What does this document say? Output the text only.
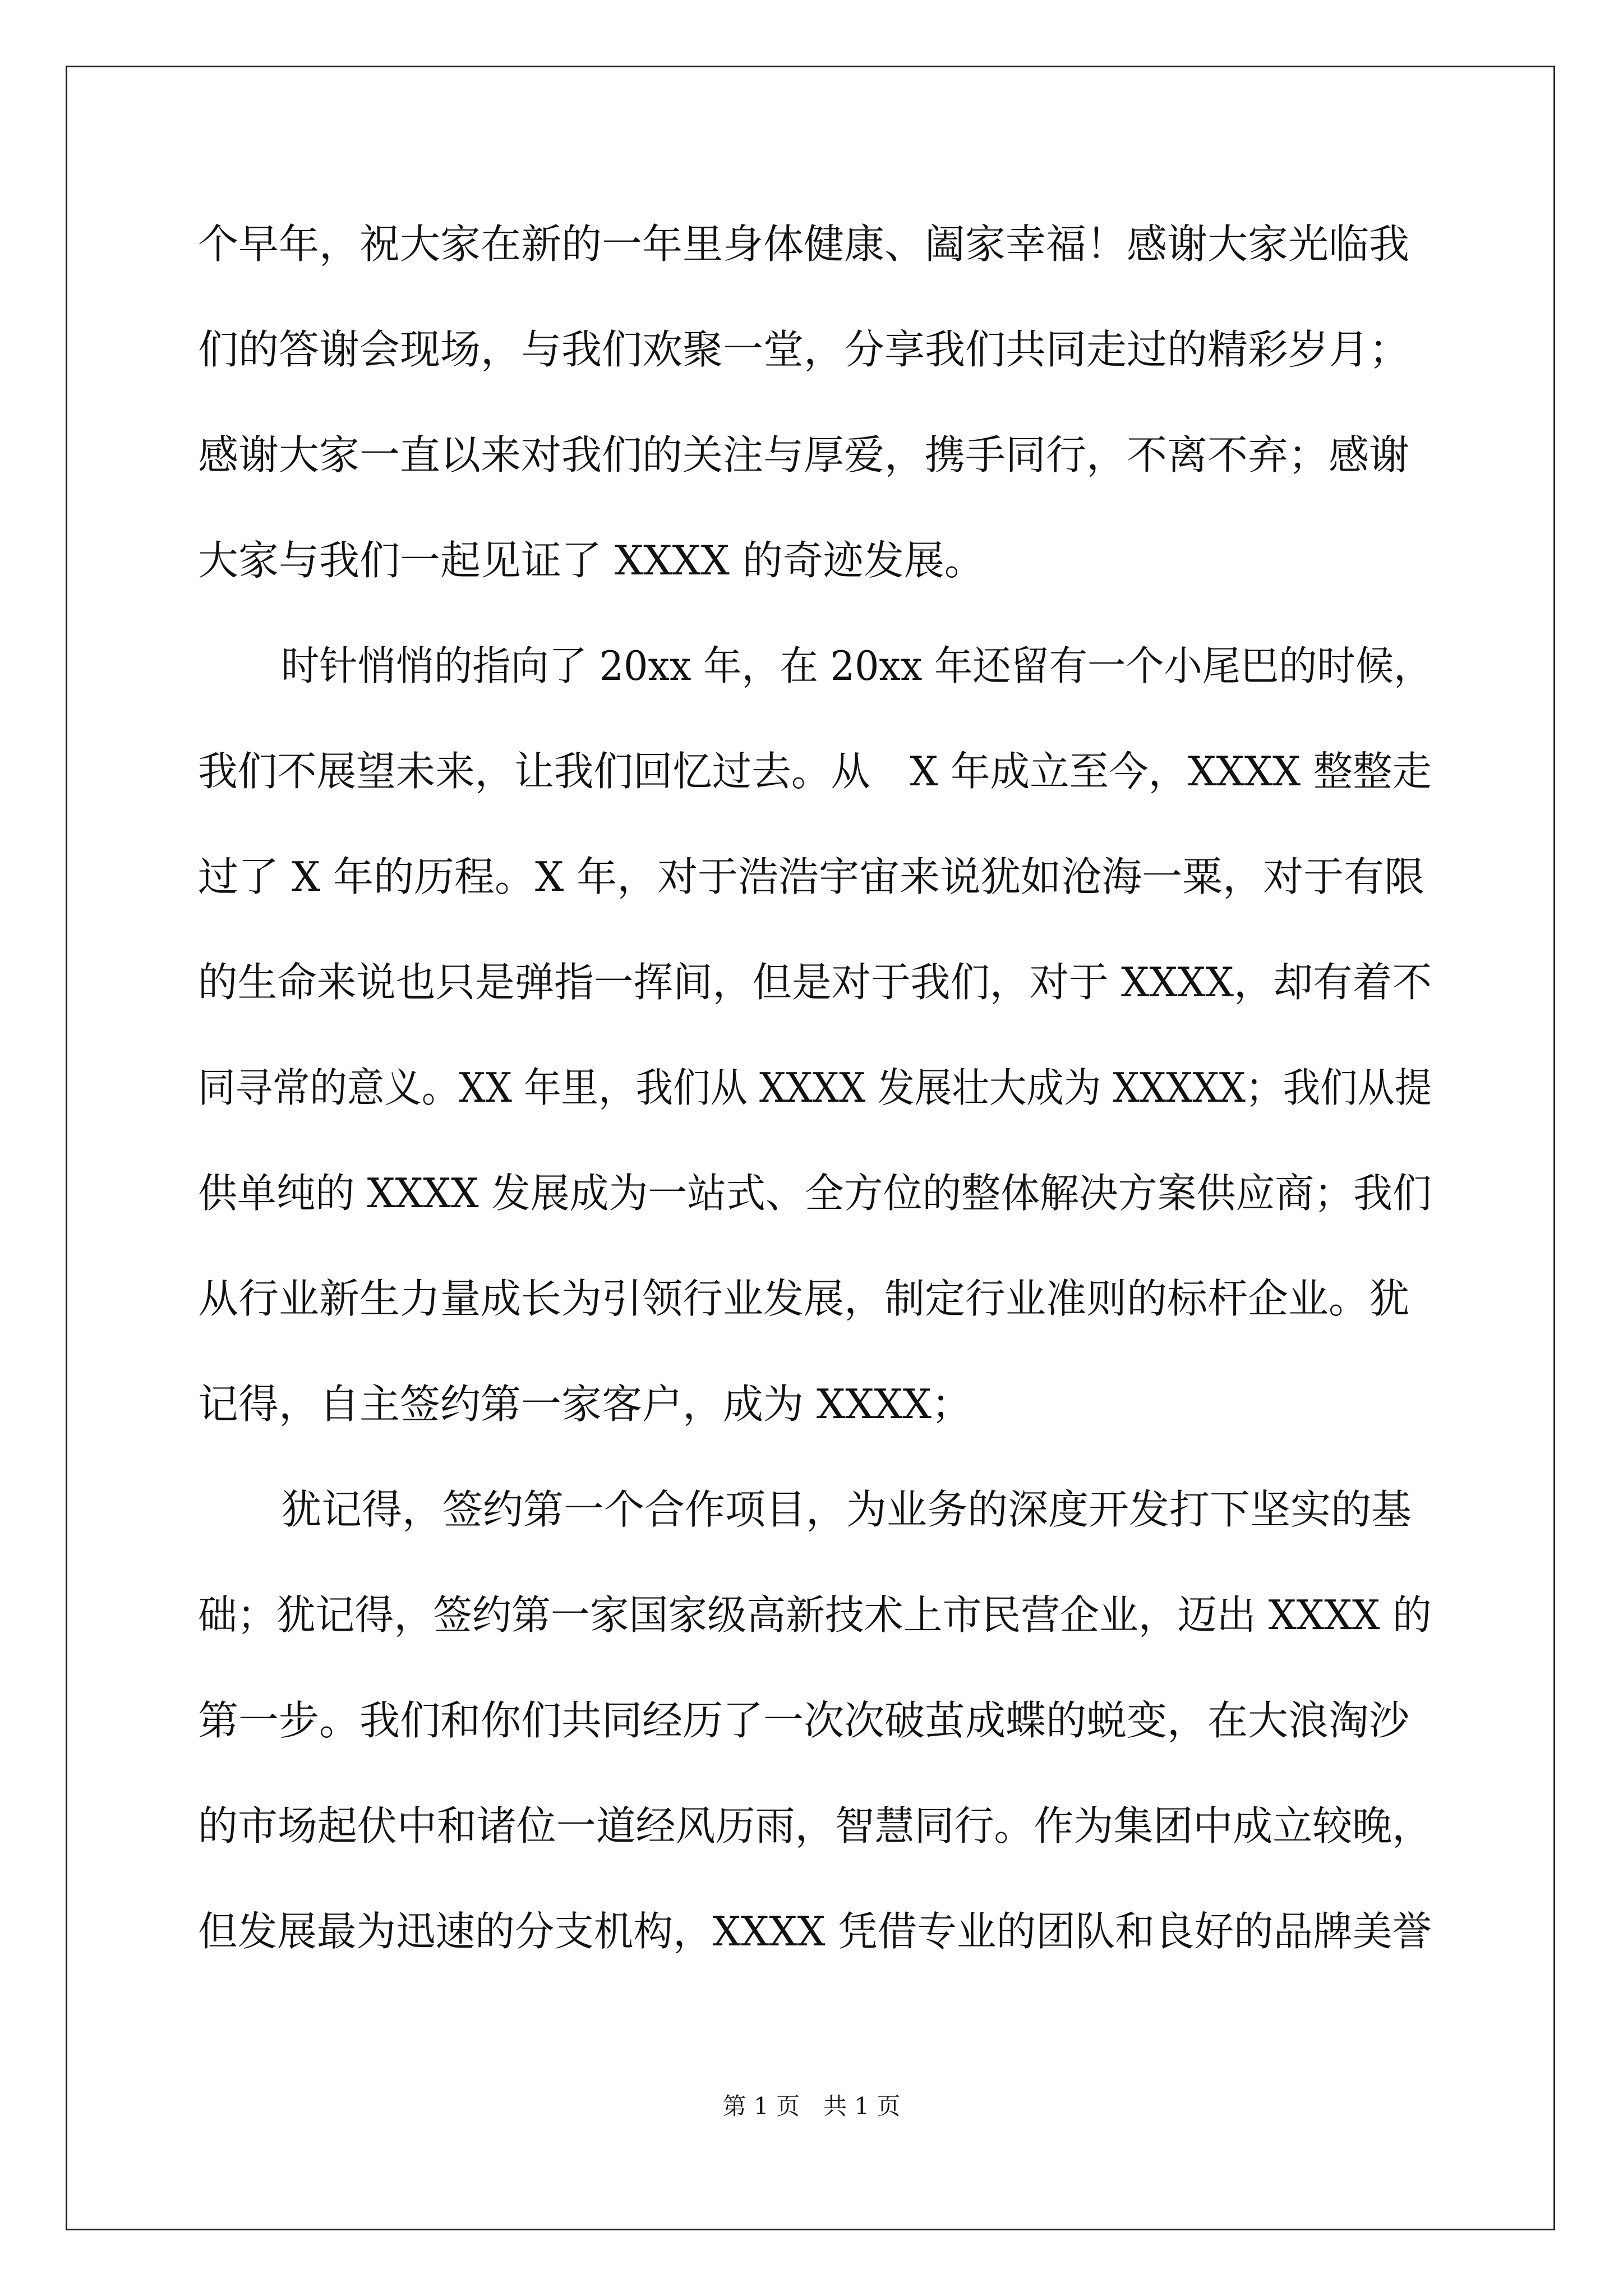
个早年，祝大家在新的一年里身体健康、阖家幸福！感谢大家光临我
们的答谢会现场，与我们欢聚一堂，分享我们共同走过的精彩岁月；
感谢大家一直以来对我们的关注与厚爱，携手同行，不离不弃；感谢
大家与我们一起见证了 XXXX 的奇迹发展。
时针悄悄的指向了 20xx 年，在 20xx 年还留有一个小尾巴的时候，
我们不展望未来，让我们回忆过去。从　X 年成立至今，XXXX 整整走
过了 X 年的历程。X 年，对于浩浩宇宙来说犹如沧海一粟，对于有限
的生命来说也只是弹指一挥间，但是对于我们，对于 XXXX，却有着不
同寻常的意义。XX 年里，我们从 XXXX 发展壮大成为 XXXXX；我们从提
供单纯的 XXXX 发展成为一站式、全方位的整体解决方案供应商；我们
从行业新生力量成长为引领行业发展，制定行业准则的标杆企业。犹
记得，自主签约第一家客户，成为 XXXX；
犹记得，签约第一个合作项目，为业务的深度开发打下坚实的基
础；犹记得，签约第一家国家级高新技术上市民营企业，迈出 XXXX 的
第一步。我们和你们共同经历了一次次破茧成蝶的蜕变，在大浪淘沙
的市场起伏中和诸位一道经风历雨，智慧同行。作为集团中成立较晚，
但发展最为迅速的分支机构，XXXX 凭借专业的团队和良好的品牌美誉
第 1 页　共 1 页
